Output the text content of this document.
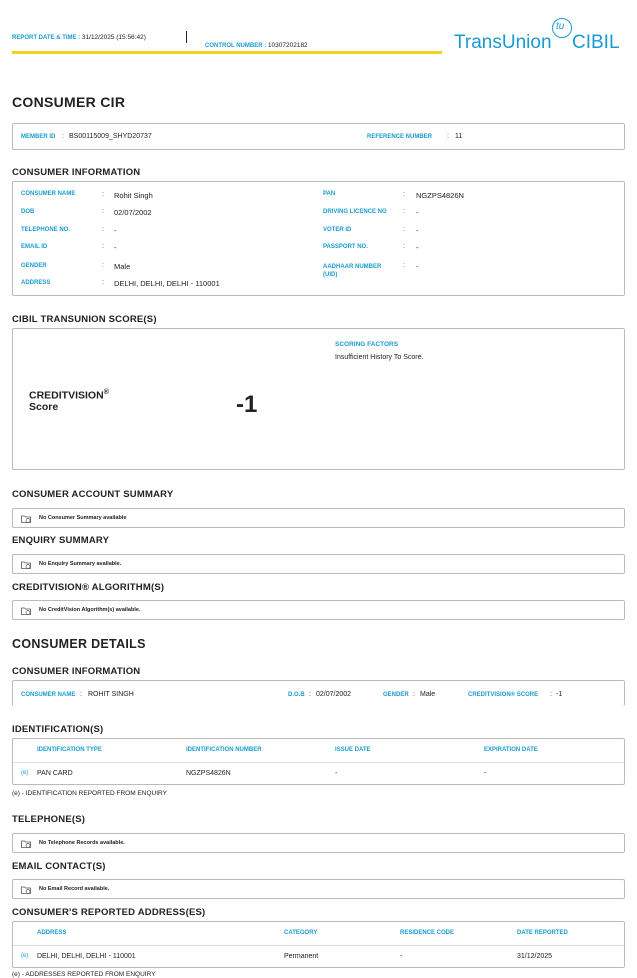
REPORT DATE & TIME : 31/12/2025 (15:56:42)
CONTROL NUMBER : 10307202182	TransUnion
tu
CIBIL
CONSUMER CIR
MEMBER ID : BS00115009_SHYD20737	REFERENCE NUMBER : 11
CONSUMER INFORMATION
CONSUMER NAME	: Rohit Singh
DOB	: 02/07/2002
TELEPHONE NO.	: -
EMAIL ID	: -
GENDER	: Male
ADDRESS	: DELHI, DELHI, DELHI - 110001
PAN	: NGZPS4826N
DRIVING LICENCE NO : -
VOTER ID	: -
PASSPORT NO.	: -
AADHAAR NUMBER (UID)
: -
CIBIL TRANSUNION SCORE(S)
CREDITVISION®
Score	-1
SCORING FACTORS
Insufficient History To Score.
CONSUMER ACCOUNT SUMMARY
No Consumer Summary available
ENQUIRY SUMMARY
No Enquiry Summary available.
CREDITVISION® ALGORITHM(S)
No CreditVision Algorithm(s) available.
CONSUMER DETAILS
CONSUMER INFORMATION
CONSUMER NAME : ROHIT SINGH	D.O.B : 02/07/2002	GENDER : Male	CREDITVISION® SCORE : -1
IDENTIFICATION(S)
IDENTIFICATION TYPE	IDENTIFICATION NUMBER	ISSUE DATE	EXPIRATION DATE
(e) PAN CARD	NGZPS4826N	-	-
(e) - IDENTIFICATION REPORTED FROM ENQUIRY
TELEPHONE(S)
No Telephone Records available.
EMAIL CONTACT(S)
No Email Record available.
CONSUMER'S REPORTED ADDRESS(ES)
ADDRESS	CATEGORY	RESIDENCE CODE	DATE REPORTED
(e) DELHI, DELHI, DELHI - 110001	Permanent	-	31/12/2025
(e) - ADDRESSES REPORTED FROM ENQUIRY
